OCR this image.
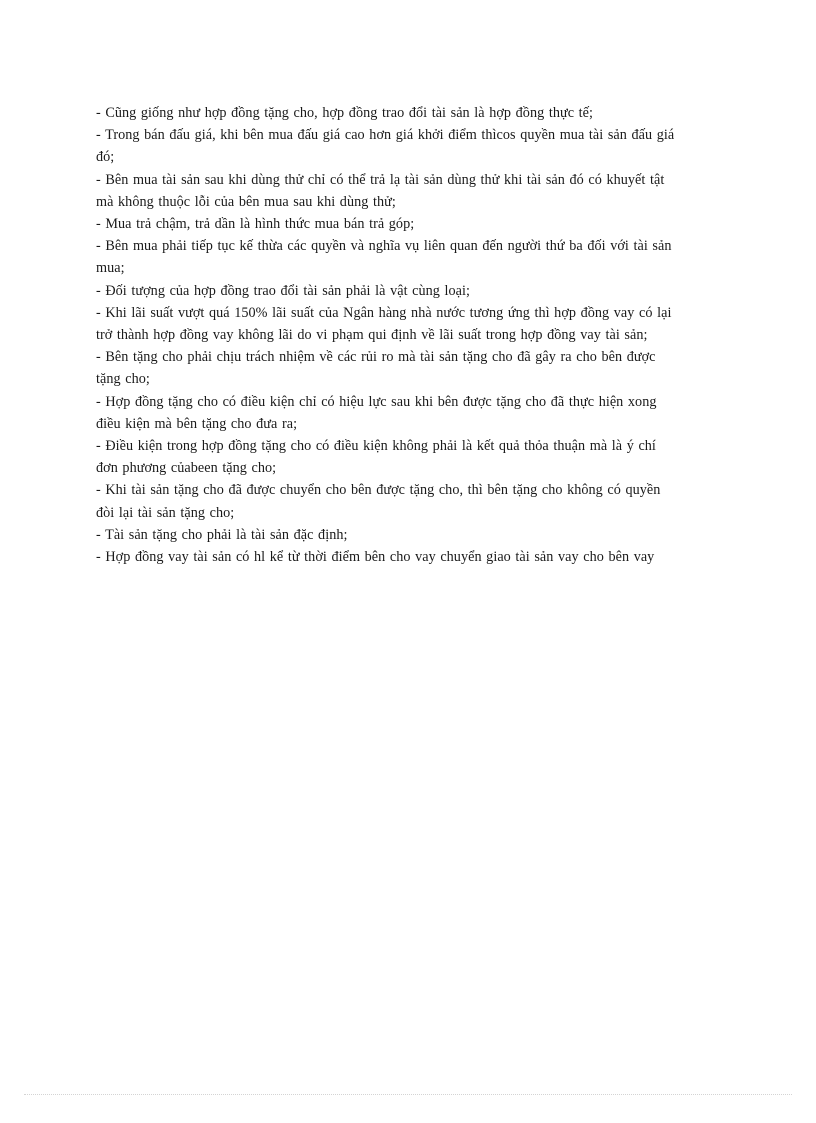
- Cũng giống như hợp đồng tặng cho, hợp đồng trao đổi tài sản là hợp đồng thực tế;
- Trong bán đấu giá, khi bên mua đấu giá cao hơn giá khởi điểm thìcos quyền mua tài sản đấu giá
đó;
- Bên mua tài sản sau khi dùng thử chỉ có thể trả lạ tài sản dùng thử khi tài sản đó có khuyết tật
mà không thuộc lỗi của bên mua sau khi dùng thử;
- Mua trả chậm, trả dần là hình thức mua bán trả góp;
- Bên mua phải tiếp tục kế thừa các quyền và nghĩa vụ liên quan đến người thứ ba đối với tài sản
mua;
- Đối tượng của hợp đồng trao đổi tài sản phải là vật cùng loại;
- Khi lãi suất vượt quá 150% lãi suất của Ngân hàng nhà nước tương ứng thì hợp đồng vay có lại
trở thành hợp đồng vay không lãi do vi phạm qui định về lãi suất trong hợp đồng vay tài sản;
- Bên tặng cho phải chịu trách nhiệm về các rủi ro mà tài sản tặng cho đã gây ra cho bên được
tặng cho;
- Hợp đồng tặng cho có điều kiện chỉ có hiệu lực sau khi bên được tặng cho đã thực hiện xong
điều kiện mà bên tặng cho đưa ra;
- Điều kiện trong hợp đồng tặng cho có điều kiện không phải là kết quả thỏa thuận mà là ý chí
đơn phương củabeen tặng cho;
- Khi tài sản tặng cho đã được chuyển cho bên được tặng cho, thì bên tặng cho không có quyền
đòi lại tài sản tặng cho;
- Tài sản tặng cho phải là tài sản đặc định;
- Hợp đồng vay tài sản có hl kể từ thời điểm bên cho vay chuyển giao tài sản vay cho bên vay
